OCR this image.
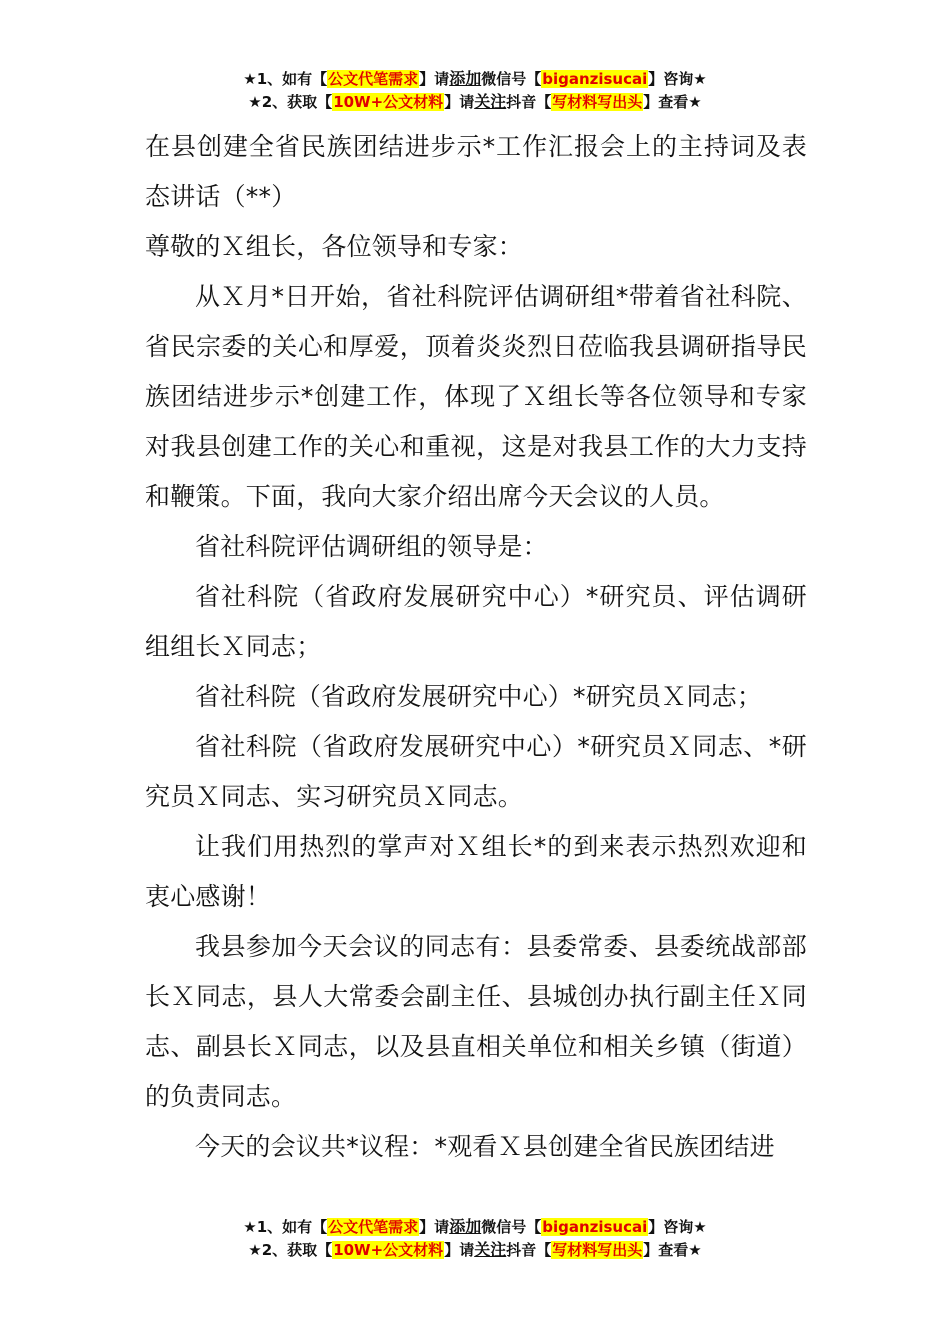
★1、如有【公文代笔需求】请添加微信号【biganzisucai】咨询★
★2、获取【10W+公文材料】请关注抖音【写材料写出头】查看★

在县创建全省民族团结进步示*工作汇报会上的主持词及表态讲话（**）

尊敬的Ｘ组长，各位领导和专家：

从Ｘ月*日开始，省社科院评估调研组*带着省社科院、省民宗委的关心和厚爱，顶着炎炎烈日莅临我县调研指导民族团结进步示*创建工作，体现了Ｘ组长等各位领导和专家对我县创建工作的关心和重视，这是对我县工作的大力支持和鞭策。下面，我向大家介绍出席今天会议的人员。

省社科院评估调研组的领导是：

省社科院（省政府发展研究中心）*研究员、评估调研组组长Ｘ同志；

省社科院（省政府发展研究中心）*研究员Ｘ同志；

省社科院（省政府发展研究中心）*研究员Ｘ同志、*研究员Ｘ同志、实习研究员Ｘ同志。

让我们用热烈的掌声对Ｘ组长*的到来表示热烈欢迎和衷心感谢！

我县参加今天会议的同志有：县委常委、县委统战部部长Ｘ同志，县人大常委会副主任、县城创办执行副主任Ｘ同志、副县长Ｘ同志，以及县直相关单位和相关乡镇（街道）的负责同志。

今天的会议共*议程：*观看Ｘ县创建全省民族团结进

★1、如有【公文代笔需求】请添加微信号【biganzisucai】咨询★
★2、获取【10W+公文材料】请关注抖音【写材料写出头】查看★
